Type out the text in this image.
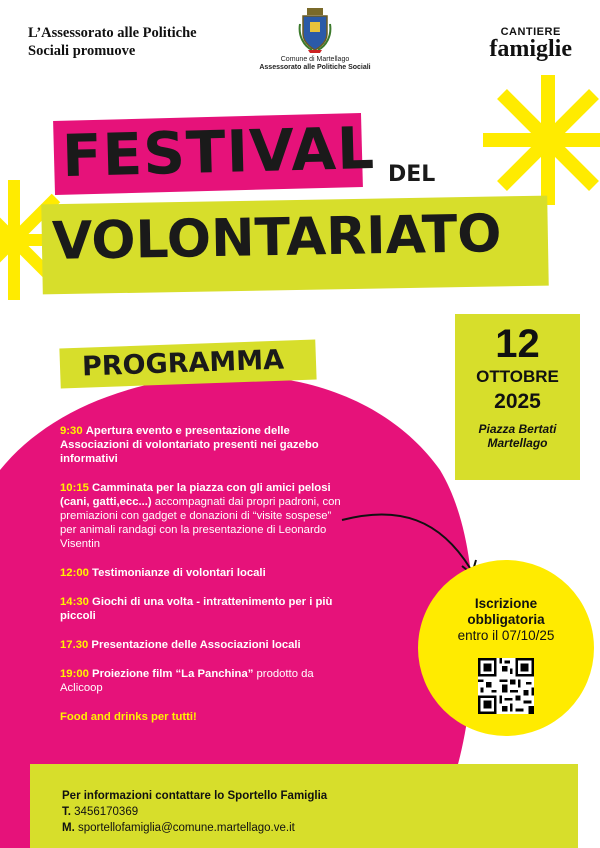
L’Assessorato alle Politiche
Sociali promuove
Comune di Martellago
Assessorato alle Politiche Sociali
CANTIERE
famiglie
FESTIVAL DEL
VOLONTARIATO
12
OTTOBRE
2025
Piazza Bertati
Martellago
PROGRAMMA
9:30 Apertura evento e presentazione delle Associazioni di volontariato presenti nei gazebo informativi
10:15 Camminata per la piazza con gli amici pelosi (cani, gatti,ecc...) accompagnati dai propri padroni, con premiazioni con gadget e donazioni di “visite sospese” per animali randagi con la presentazione di Leonardo Visentin
12:00 Testimonianze di volontari locali
14:30 Giochi di una volta - intrattenimento per i più piccoli
17.30 Presentazione delle Associazioni locali
19:00 Proiezione film “La Panchina” prodotto da Aclicoop
Food and drinks per tutti!
Iscrizione
obbligatoria
entro il 07/10/25
Per informazioni contattare lo Sportello Famiglia
T. 3456170369
M. sportellofamiglia@comune.martellago.ve.it
